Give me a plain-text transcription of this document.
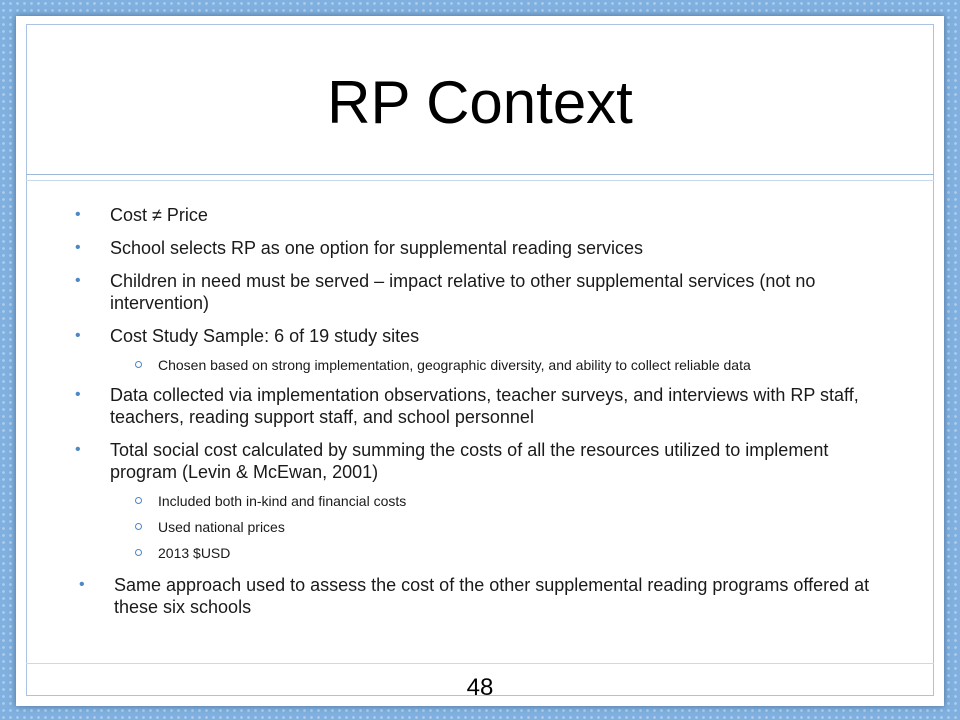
RP Context
• Cost ≠ Price
• School selects RP as one option for supplemental reading services
• Children in need must be served – impact relative to other supplemental services (not no intervention)
• Cost Study Sample: 6 of 19 study sites
Chosen based on strong implementation, geographic diversity, and ability to collect reliable data
• Data collected via implementation observations, teacher surveys, and interviews with RP staff, teachers, reading support staff, and school personnel
• Total social cost calculated by summing the costs of all the resources utilized to implement program (Levin & McEwan, 2001)
Included both in-kind and financial costs
Used national prices
2013 $USD
• Same approach used to assess the cost of the other supplemental reading programs offered at these six schools
48
